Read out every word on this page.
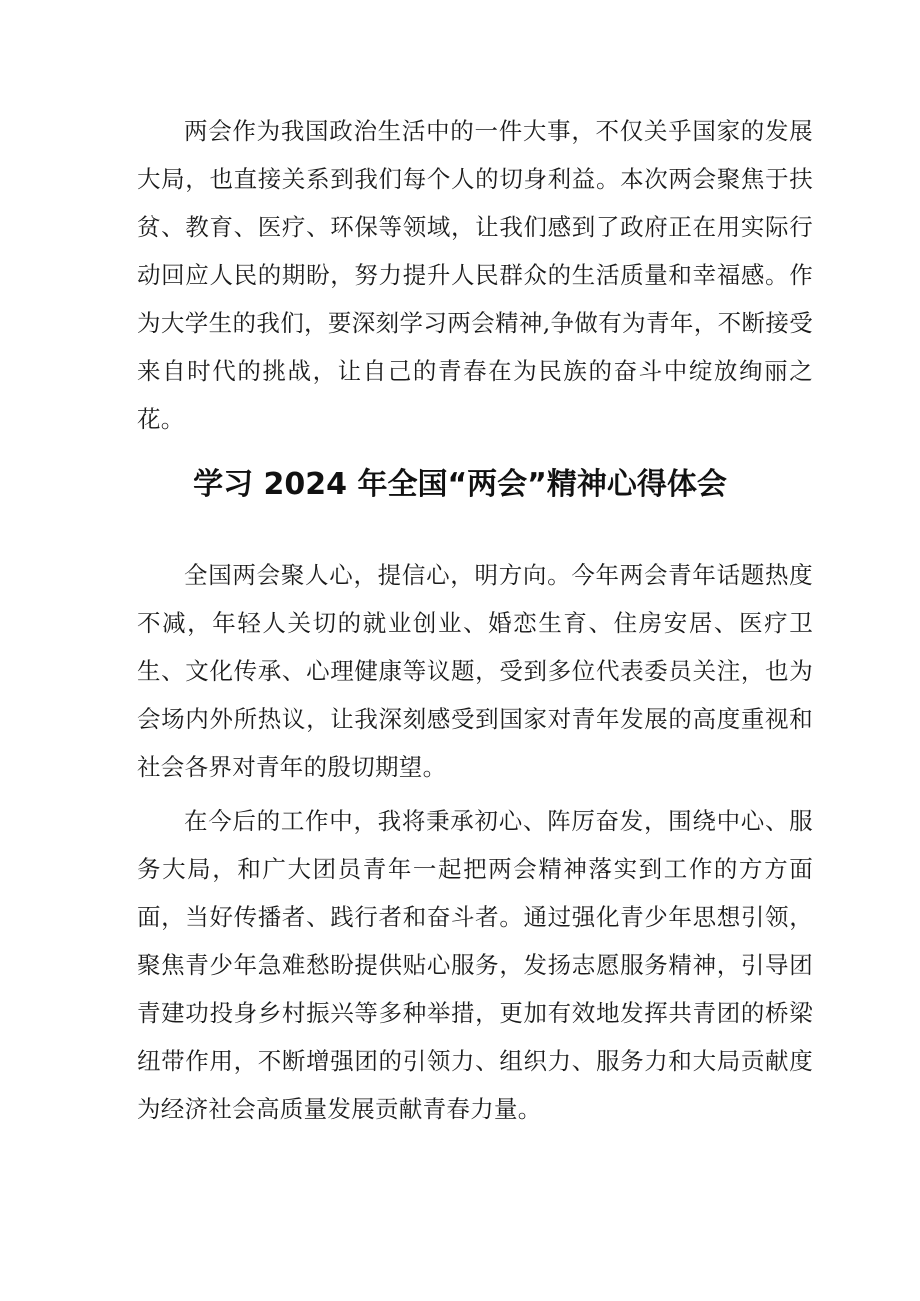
两会作为我国政治生活中的一件大事，不仅关乎国家的发展大局，也直接关系到我们每个人的切身利益。本次两会聚焦于扶贫、教育、医疗、环保等领域，让我们感到了政府正在用实际行动回应人民的期盼，努力提升人民群众的生活质量和幸福感。作为大学生的我们，要深刻学习两会精神,争做有为青年，不断接受来自时代的挑战，让自己的青春在为民族的奋斗中绽放绚丽之花。

学习 2024 年全国“两会”精神心得体会

全国两会聚人心，提信心，明方向。今年两会青年话题热度不减，年轻人关切的就业创业、婚恋生育、住房安居、医疗卫生、文化传承、心理健康等议题，受到多位代表委员关注，也为会场内外所热议，让我深刻感受到国家对青年发展的高度重视和社会各界对青年的殷切期望。

在今后的工作中，我将秉承初心、阵厉奋发，围绕中心、服务大局，和广大团员青年一起把两会精神落实到工作的方方面面，当好传播者、践行者和奋斗者。通过强化青少年思想引领，聚焦青少年急难愁盼提供贴心服务，发扬志愿服务精神，引导团青建功投身乡村振兴等多种举措，更加有效地发挥共青团的桥梁纽带作用，不断增强团的引领力、组织力、服务力和大局贡献度为经济社会高质量发展贡献青春力量。
